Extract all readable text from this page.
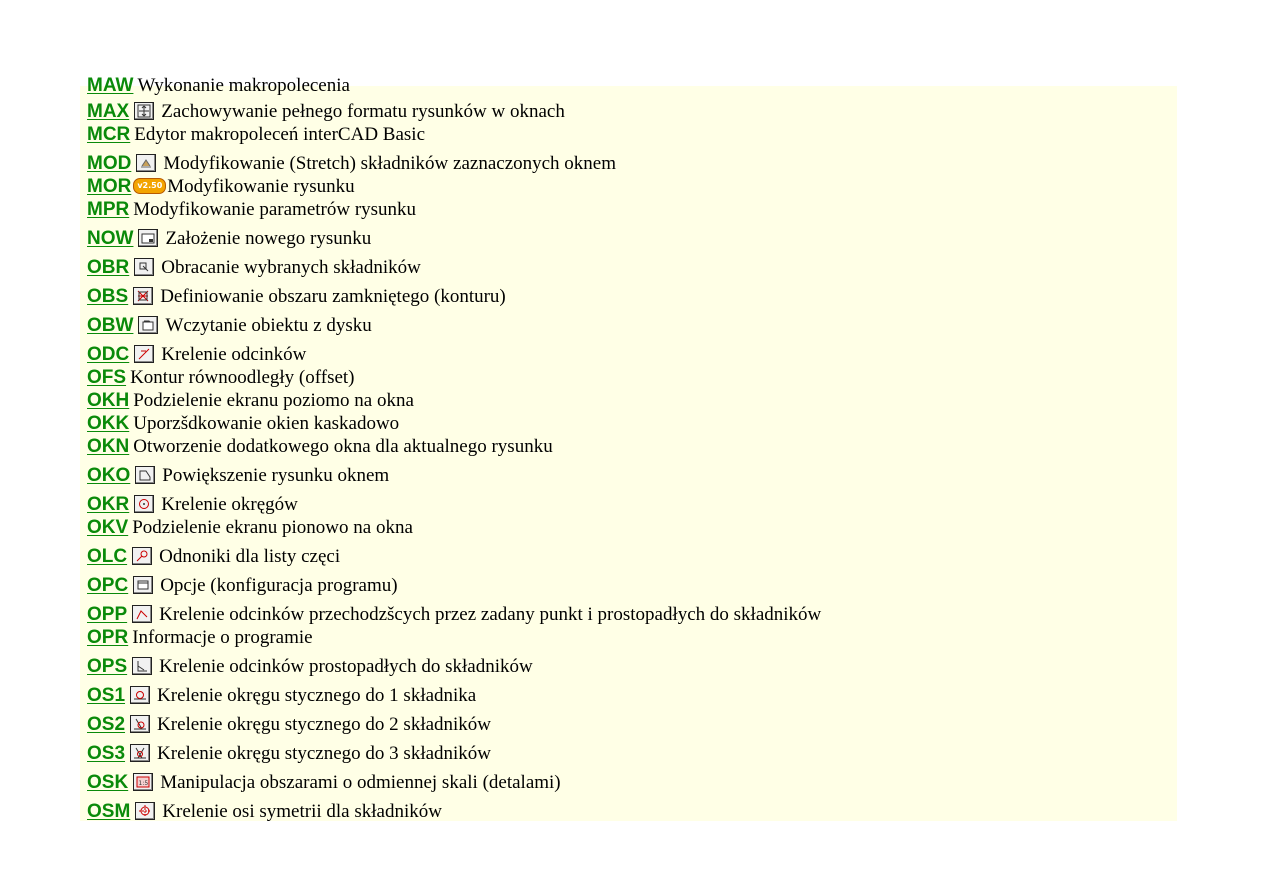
MAW Wykonanie makropolecenia
MAX Zachowywanie pełnego formatu rysunków w oknach
MCR Edytor makropoleceń interCAD Basic
MOD Modyfikowanie (Stretch) składników zaznaczonych oknem
MOR v2.50 Modyfikowanie rysunku
MPR Modyfikowanie parametrów rysunku
NOW Założenie nowego rysunku
OBR Obracanie wybranych składników
OBS Definiowanie obszaru zamkniętego (konturu)
OBW Wczytanie obiektu z dysku
ODC Krelenie odcinków
OFS Kontur równoodległy (offset)
OKH Podzielenie ekranu poziomo na okna
OKK Uporzšdkowanie okien kaskadowo
OKN Otworzenie dodatkowego okna dla aktualnego rysunku
OKO Powiększenie rysunku oknem
OKR Krelenie okręgów
OKV Podzielenie ekranu pionowo na okna
OLC Odnoniki dla listy częci
OPC Opcje (konfiguracja programu)
OPP Krelenie odcinków przechodzšcych przez zadany punkt i prostopadłych do składników
OPR Informacje o programie
OPS Krelenie odcinków prostopadłych do składników
OS1 Krelenie okręgu stycznego do 1 składnika
OS2 Krelenie okręgu stycznego do 2 składników
OS3 Krelenie okręgu stycznego do 3 składników
OSK 1:5 Manipulacja obszarami o odmiennej skali (detalami)
OSM Krelenie osi symetrii dla składników
